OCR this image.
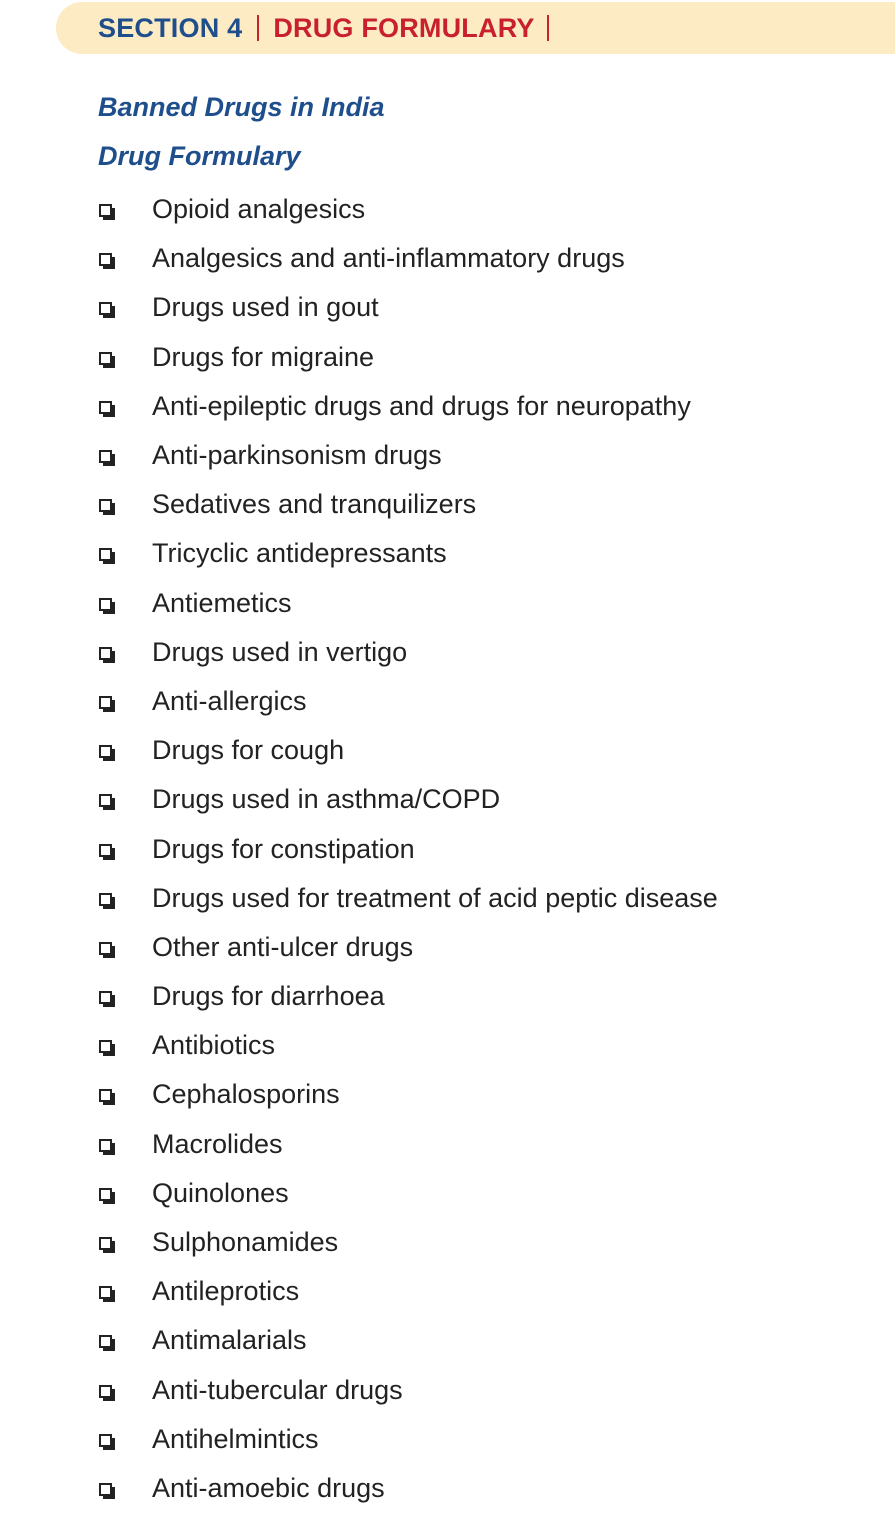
SECTION 4 DRUG FORMULARY
Banned Drugs in India
Drug Formulary
Opioid analgesics
Analgesics and anti-inflammatory drugs
Drugs used in gout
Drugs for migraine
Anti-epileptic drugs and drugs for neuropathy
Anti-parkinsonism drugs
Sedatives and tranquilizers
Tricyclic antidepressants
Antiemetics
Drugs used in vertigo
Anti-allergics
Drugs for cough
Drugs used in asthma/COPD
Drugs for constipation
Drugs used for treatment of acid peptic disease
Other anti-ulcer drugs
Drugs for diarrhoea
Antibiotics
Cephalosporins
Macrolides
Quinolones
Sulphonamides
Antileprotics
Antimalarials
Anti-tubercular drugs
Antihelmintics
Anti-amoebic drugs
